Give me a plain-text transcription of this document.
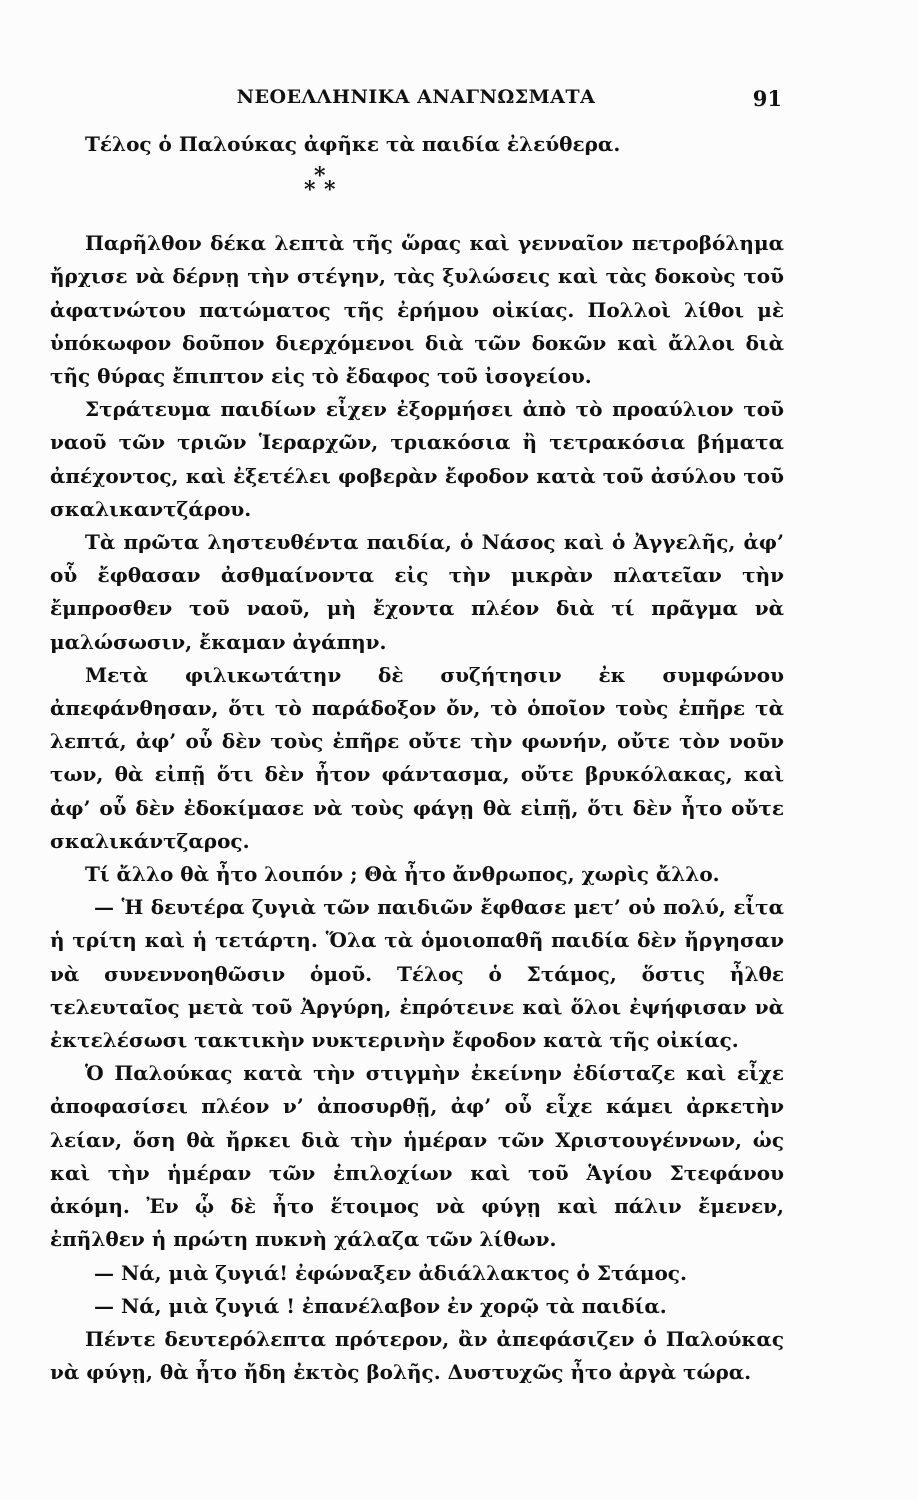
ΝΕΟΕΛΛΗΝΙΚΑ ΑΝΑΓΝΩΣΜΑΤΑ	91

Τέλος ὁ Παλούκας ἀφῆκε τὰ παιδία ἐλεύθερα.

*
* *

Παρῆλθον δέκα λεπτὰ τῆς ὥρας καὶ γενναῖον πετροβόλημα ἤρχισε νὰ δέρνῃ τὴν στέγην, τὰς ξυλώσεις καὶ τὰς δοκοὺς τοῦ ἀφατνώτου πατώματος τῆς ἐρήμου οἰκίας. Πολλοὶ λίθοι μὲ ὑπόκωφον δοῦπον διερχόμενοι διὰ τῶν δοκῶν καὶ ἄλλοι διὰ τῆς θύρας ἔπιπτον εἰς τὸ ἔδαφος τοῦ ἰσογείου.

Στράτευμα παιδίων εἶχεν ἐξορμήσει ἀπὸ τὸ προαύλιον τοῦ ναοῦ τῶν τριῶν Ἱεραρχῶν, τριακόσια ἢ τετρακόσια βήματα ἀπέχοντος, καὶ ἐξετέλει φοβερὰν ἔφοδον κατὰ τοῦ ἀσύλου τοῦ σκαλικαντζάρου.

Τὰ πρῶτα ληστευθέντα παιδία, ὁ Νάσος καὶ ὁ Ἀγγελῆς, ἀφ’ οὗ ἔφθασαν ἀσθμαίνοντα εἰς τὴν μικρὰν πλατεῖαν τὴν ἔμπροσθεν τοῦ ναοῦ, μὴ ἔχοντα πλέον διὰ τί πρᾶγμα νὰ μαλώσωσιν, ἔκαμαν ἀγάπην.

Μετὰ φιλικωτάτην δὲ συζήτησιν ἐκ συμφώνου ἀπεφάνθησαν, ὅτι τὸ παράδοξον ὄν, τὸ ὁποῖον τοὺς ἐπῆρε τὰ λεπτά, ἀφ’ οὗ δὲν τοὺς ἐπῆρε οὔτε τὴν φωνήν, οὔτε τὸν νοῦν των, θὰ εἰπῇ ὅτι δὲν ἦτον φάντασμα, οὔτε βρυκόλακας, καὶ ἀφ’ οὗ δὲν ἐδοκίμασε νὰ τοὺς φάγῃ θὰ εἰπῇ, ὅτι δὲν ἦτο οὔτε σκαλικάντζαρος.

Τί ἄλλο θὰ ἦτο λοιπόν ; Θὰ ἦτο ἄνθρωπος, χωρὶς ἄλλο.

— Ἡ δευτέρα ζυγιὰ τῶν παιδιῶν ἔφθασε μετ’ οὐ πολύ, εἶτα ἡ τρίτη καὶ ἡ τετάρτη. Ὅλα τὰ ὁμοιοπαθῆ παιδία δὲν ἤργησαν νὰ συνεννοηθῶσιν ὁμοῦ. Τέλος ὁ Στάμος, ὅστις ἦλθε τελευταῖος μετὰ τοῦ Ἀργύρη, ἐπρότεινε καὶ ὅλοι ἐψήφισαν νὰ ἐκτελέσωσι τακτικὴν νυκτερινὴν ἔφοδον κατὰ τῆς οἰκίας.

Ὁ Παλούκας κατὰ τὴν στιγμὴν ἐκείνην ἐδίσταζε καὶ εἶχε ἀποφασίσει πλέον ν’ ἀποσυρθῇ, ἀφ’ οὗ εἶχε κάμει ἀρκετὴν λείαν, ὅση θὰ ἤρκει διὰ τὴν ἡμέραν τῶν Χριστουγέννων, ὡς καὶ τὴν ἡμέραν τῶν ἐπιλοχίων καὶ τοῦ Ἁγίου Στεφάνου ἀκόμη. Ἐν ᾧ δὲ ἦτο ἕτοιμος νὰ φύγῃ καὶ πάλιν ἔμενεν, ἐπῆλθεν ἡ πρώτη πυκνὴ χάλαζα τῶν λίθων.

— Νά, μιὰ ζυγιά! ἐφώναξεν ἀδιάλλακτος ὁ Στάμος.

— Νά, μιὰ ζυγιά ! ἐπανέλαβον ἐν χορῷ τὰ παιδία.

Πέντε δευτερόλεπτα πρότερον, ἂν ἀπεφάσιζεν ὁ Παλούκας νὰ φύγῃ, θὰ ἦτο ἤδη ἐκτὸς βολῆς. Δυστυχῶς ἦτο ἀργὰ τώρα.
